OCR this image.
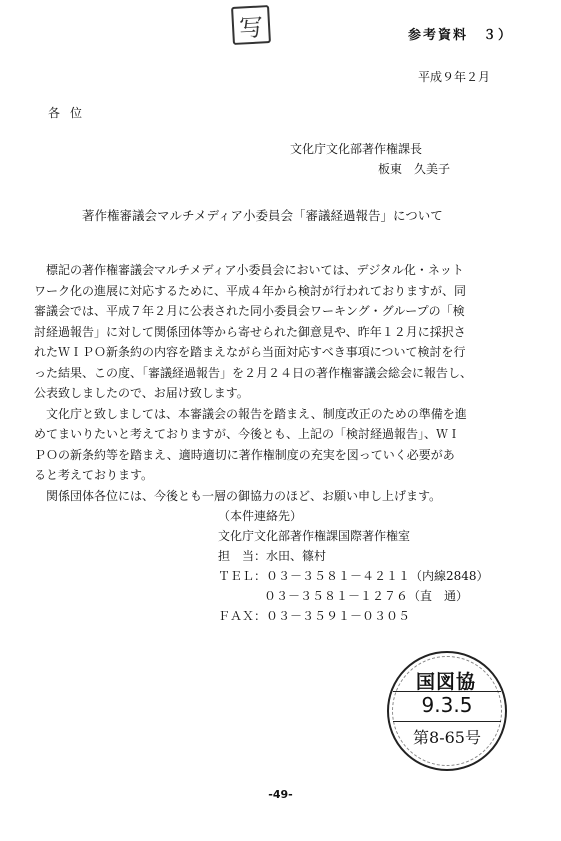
写	参考資料　３）
平成９年２月
各位
文化庁文化部著作権課長
板東　久美子
著作権審議会マルチメディア小委員会「審議経過報告」について

　標記の著作権審議会マルチメディア小委員会においては、デジタル化・ネット
ワーク化の進展に対応するために、平成４年から検討が行われておりますが、同
審議会では、平成７年２月に公表された同小委員会ワーキング・グループの「検
討経過報告」に対して関係団体等から寄せられた御意見や、昨年１２月に採択さ
れたＷＩＰＯ新条約の内容を踏まえながら当面対応すべき事項について検討を行
った結果、この度、「審議経過報告」を２月２４日の著作権審議会総会に報告し、
公表致しましたので、お届け致します。

　文化庁と致しましては、本審議会の報告を踏まえ、制度改正のための準備を進
めてまいりたいと考えておりますが、今後とも、上記の「検討経過報告」、ＷＩ
ＰＯの新条約等を踏まえ、適時適切に著作権制度の充実を図っていく必要があ
ると考えております。

　関係団体各位には、今後とも一層の御協力のほど、お願い申し上げます。

（本件連絡先）
文化庁文化部著作権課国際著作権室
担　当：水田、篠村
ＴＥＬ：０３－３５８１－４２１１（内線2848）
０３－３５８１－１２７６（直　通）
ＦＡＸ：０３－３５９１－０３０５
国図協
9.3.5
第8-65号
-49-
